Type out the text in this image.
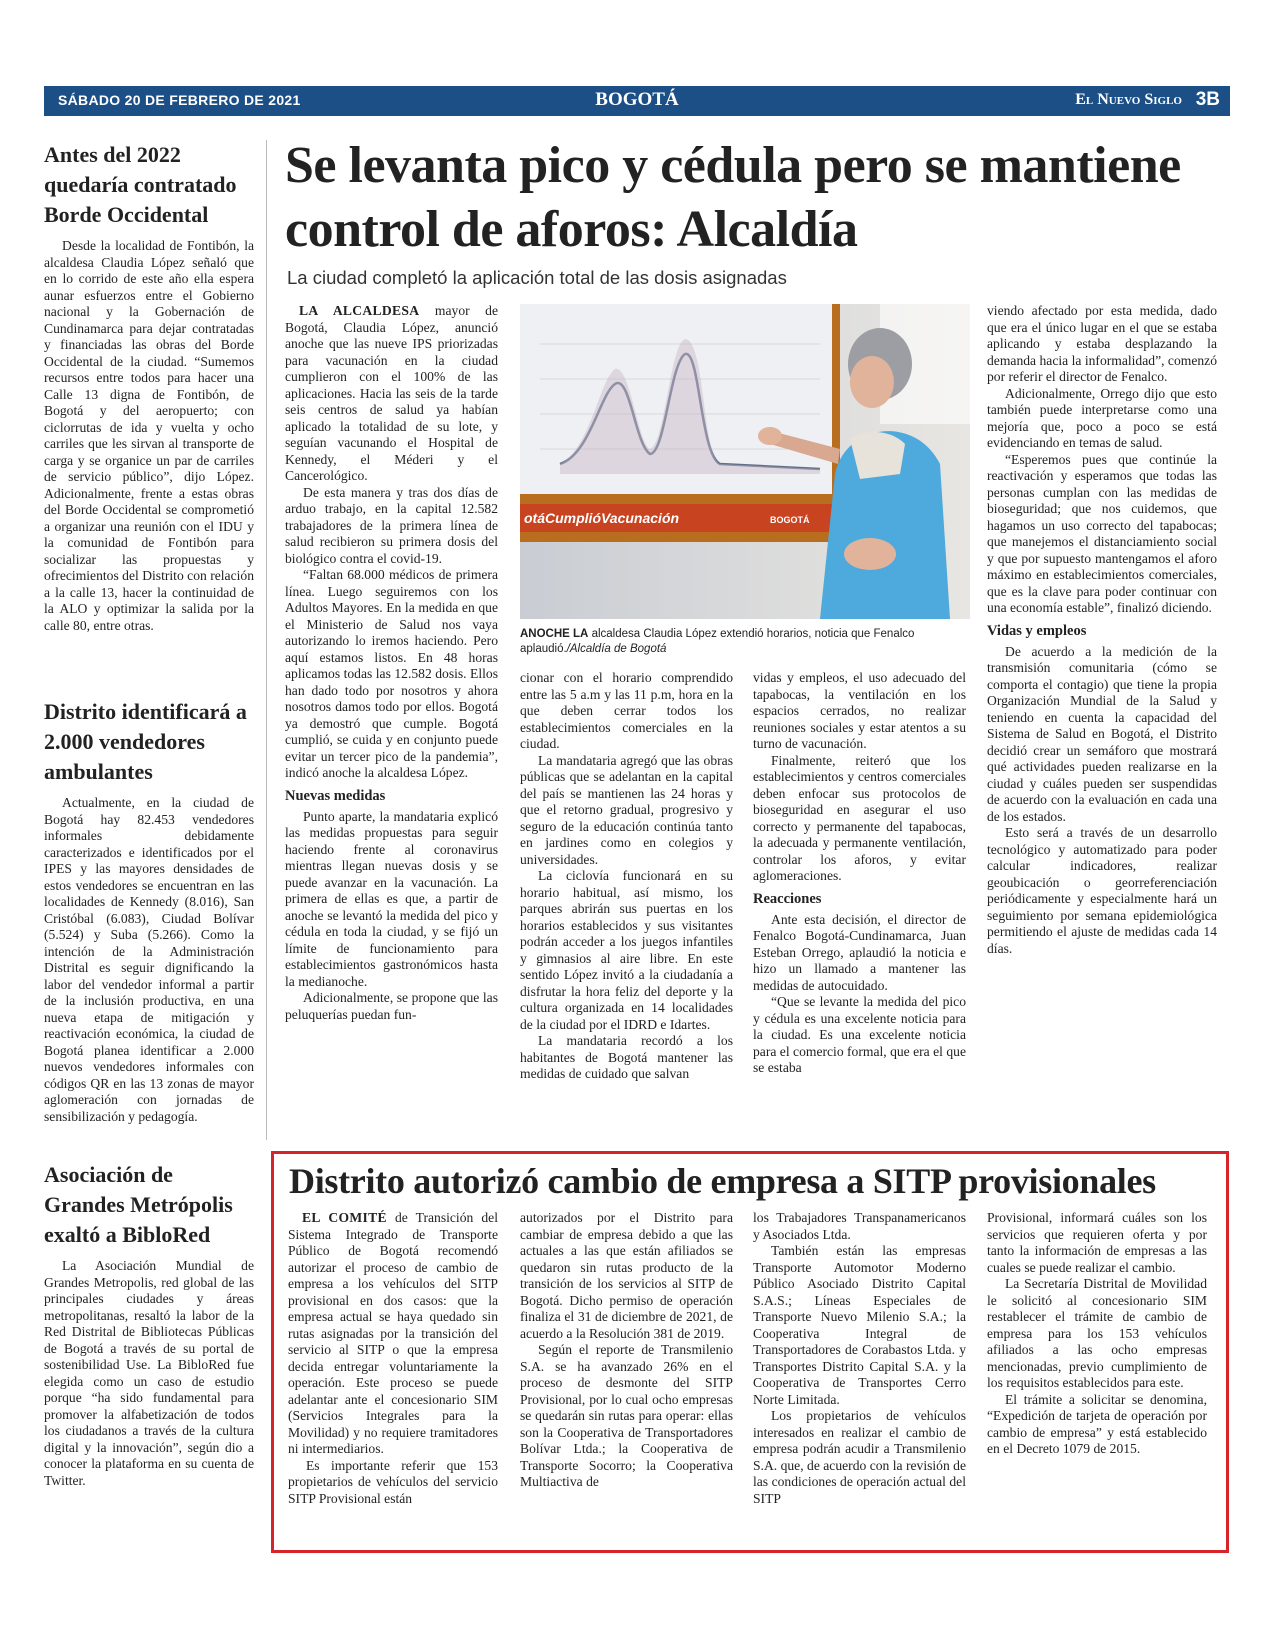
SÁBADO 20 DE FEBRERO DE 2021	BOGOTÁ	El Nuevo Siglo 3B
Antes del 2022 quedaría contratado Borde Occidental

Desde la localidad de Fontibón, la alcaldesa Claudia López señaló que en lo corrido de este año ella espera aunar esfuerzos entre el Gobierno nacional y la Gobernación de Cundinamarca para dejar contratadas y financiadas las obras del Borde Occidental de la ciudad. “Sumemos recursos entre todos para hacer una Calle 13 digna de Fontibón, de Bogotá y del aeropuerto; con ciclorrutas de ida y vuelta y ocho carriles que les sirvan al transporte de carga y se organice un par de carriles de servicio público”, dijo López. Adicionalmente, frente a estas obras del Borde Occidental se comprometió a organizar una reunión con el IDU y la comunidad de Fontibón para socializar las propuestas y ofrecimientos del Distrito con relación a la calle 13, hacer la continuidad de la ALO y optimizar la salida por la calle 80, entre otras.

Distrito identificará a 2.000 vendedores ambulantes

Actualmente, en la ciudad de Bogotá hay 82.453 vendedores informales debidamente caracterizados e identificados por el IPES y las mayores densidades de estos vendedores se encuentran en las localidades de Kennedy (8.016), San Cristóbal (6.083), Ciudad Bolívar (5.524) y Suba (5.266). Como la intención de la Administración Distrital es seguir dignificando la labor del vendedor informal a partir de la inclusión productiva, en una nueva etapa de mitigación y reactivación económica, la ciudad de Bogotá planea identificar a 2.000 nuevos vendedores informales con códigos QR en las 13 zonas de mayor aglomeración con jornadas de sensibilización y pedagogía.

Asociación de Grandes Metrópolis exaltó a BibloRed

La Asociación Mundial de Grandes Metropolis, red global de las principales ciudades y áreas metropolitanas, resaltó la labor de la Red Distrital de Bibliotecas Públicas de Bogotá a través de su portal de sostenibilidad Use. La BibloRed fue elegida como un caso de estudio porque “ha sido fundamental para promover la alfabetización de todos los ciudadanos a través de la cultura digital y la innovación”, según dio a conocer la plataforma en su cuenta de Twitter.

Se levanta pico y cédula pero se mantiene control de aforos: Alcaldía
La ciudad completó la aplicación total de las dosis asignadas

LA ALCALDESA mayor de Bogotá, Claudia López, anunció anoche que las nueve IPS priorizadas para vacunación en la ciudad cumplieron con el 100% de las aplicaciones. Hacia las seis de la tarde seis centros de salud ya habían aplicado la totalidad de su lote, y seguían vacunando el Hospital de Kennedy, el Méderi y el Cancerológico.

De esta manera y tras dos días de arduo trabajo, en la capital 12.582 trabajadores de la primera línea de salud recibieron su primera dosis del biológico contra el covid-19.

“Faltan 68.000 médicos de primera línea. Luego seguiremos con los Adultos Mayores. En la medida en que el Ministerio de Salud nos vaya autorizando lo iremos haciendo. Pero aquí estamos listos. En 48 horas aplicamos todas las 12.582 dosis. Ellos han dado todo por nosotros y ahora nosotros damos todo por ellos. Bogotá ya demostró que cumple. Bogotá cumplió, se cuida y en conjunto puede evitar un tercer pico de la pandemia”, indicó anoche la alcaldesa López.

Nuevas medidas

Punto aparte, la mandataria explicó las medidas propuestas para seguir haciendo frente al coronavirus mientras llegan nuevas dosis y se puede avanzar en la vacunación. La primera de ellas es que, a partir de anoche se levantó la medida del pico y cédula en toda la ciudad, y se fijó un límite de funcionamiento para establecimientos gastronómicos hasta la medianoche.

Adicionalmente, se propone que las peluquerías puedan fun-

otáCumplióVacunación	BOGOTÁ
ANOCHE LA alcaldesa Claudia López extendió horarios, noticia que Fenalco aplaudió./Alcaldía de Bogotá

cionar con el horario comprendido entre las 5 a.m y las 11 p.m, hora en la que deben cerrar todos los establecimientos comerciales en la ciudad.

La mandataria agregó que las obras públicas que se adelantan en la capital del país se mantienen las 24 horas y que el retorno gradual, progresivo y seguro de la educación continúa tanto en jardines como en colegios y universidades.

La ciclovía funcionará en su horario habitual, así mismo, los parques abrirán sus puertas en los horarios establecidos y sus visitantes podrán acceder a los juegos infantiles y gimnasios al aire libre. En este sentido López invitó a la ciudadanía a disfrutar la hora feliz del deporte y la cultura organizada en 14 localidades de la ciudad por el IDRD e Idartes.

La mandataria recordó a los habitantes de Bogotá mantener las medidas de cuidado que salvan

vidas y empleos, el uso adecuado del tapabocas, la ventilación en los espacios cerrados, no realizar reuniones sociales y estar atentos a su turno de vacunación.

Finalmente, reiteró que los establecimientos y centros comerciales deben enfocar sus protocolos de bioseguridad en asegurar el uso correcto y permanente del tapabocas, la adecuada y permanente ventilación, controlar los aforos, y evitar aglomeraciones.

Reacciones

Ante esta decisión, el director de Fenalco Bogotá-Cundinamarca, Juan Esteban Orrego, aplaudió la noticia e hizo un llamado a mantener las medidas de autocuidado.

“Que se levante la medida del pico y cédula es una excelente noticia para la ciudad. Es una excelente noticia para el comercio formal, que era el que se estaba

viendo afectado por esta medida, dado que era el único lugar en el que se estaba aplicando y estaba desplazando la demanda hacia la informalidad”, comenzó por referir el director de Fenalco.

Adicionalmente, Orrego dijo que esto también puede interpretarse como una mejoría que, poco a poco se está evidenciando en temas de salud.

“Esperemos pues que continúe la reactivación y esperamos que todas las personas cumplan con las medidas de bioseguridad; que nos cuidemos, que hagamos un uso correcto del tapabocas; que manejemos el distanciamiento social y que por supuesto mantengamos el aforo máximo en establecimientos comerciales, que es la clave para poder continuar con una economía estable”, finalizó diciendo.

Vidas y empleos

De acuerdo a la medición de la transmisión comunitaria (cómo se comporta el contagio) que tiene la propia Organización Mundial de la Salud y teniendo en cuenta la capacidad del Sistema de Salud en Bogotá, el Distrito decidió crear un semáforo que mostrará qué actividades pueden realizarse en la ciudad y cuáles pueden ser suspendidas de acuerdo con la evaluación en cada una de los estados.

Esto será a través de un desarrollo tecnológico y automatizado para poder calcular indicadores, realizar geoubicación o georreferenciación periódicamente y especialmente hará un seguimiento por semana epidemiológica permitiendo el ajuste de medidas cada 14 días.

Distrito autorizó cambio de empresa a SITP provisionales

EL COMITÉ de Transición del Sistema Integrado de Transporte Público de Bogotá recomendó autorizar el proceso de cambio de empresa a los vehículos del SITP provisional en dos casos: que la empresa actual se haya quedado sin rutas asignadas por la transición del servicio al SITP o que la empresa decida entregar voluntariamente la operación. Este proceso se puede adelantar ante el concesionario SIM (Servicios Integrales para la Movilidad) y no requiere tramitadores ni intermediarios.

Es importante referir que 153 propietarios de vehículos del servicio SITP Provisional están

autorizados por el Distrito para cambiar de empresa debido a que las actuales a las que están afiliados se quedaron sin rutas producto de la transición de los servicios al SITP de Bogotá. Dicho permiso de operación finaliza el 31 de diciembre de 2021, de acuerdo a la Resolución 381 de 2019.

Según el reporte de Transmilenio S.A. se ha avanzado 26% en el proceso de desmonte del SITP Provisional, por lo cual ocho empresas se quedarán sin rutas para operar: ellas son la Cooperativa de Transportadores Bolívar Ltda.; la Cooperativa de Transporte Socorro; la Cooperativa Multiactiva de

los Trabajadores Transpanamericanos y Asociados Ltda.

También están las empresas Transporte Automotor Moderno Público Asociado Distrito Capital S.A.S.; Líneas Especiales de Transporte Nuevo Milenio S.A.; la Cooperativa Integral de Transportadores de Corabastos Ltda. y Transportes Distrito Capital S.A. y la Cooperativa de Transportes Cerro Norte Limitada.

Los propietarios de vehículos interesados en realizar el cambio de empresa podrán acudir a Transmilenio S.A. que, de acuerdo con la revisión de las condiciones de operación actual del SITP

Provisional, informará cuáles son los servicios que requieren oferta y por tanto la información de empresas a las cuales se puede realizar el cambio.

La Secretaría Distrital de Movilidad le solicitó al concesionario SIM restablecer el trámite de cambio de empresa para los 153 vehículos afiliados a las ocho empresas mencionadas, previo cumplimiento de los requisitos establecidos para este.

El trámite a solicitar se denomina, “Expedición de tarjeta de operación por cambio de empresa” y está establecido en el Decreto 1079 de 2015.
